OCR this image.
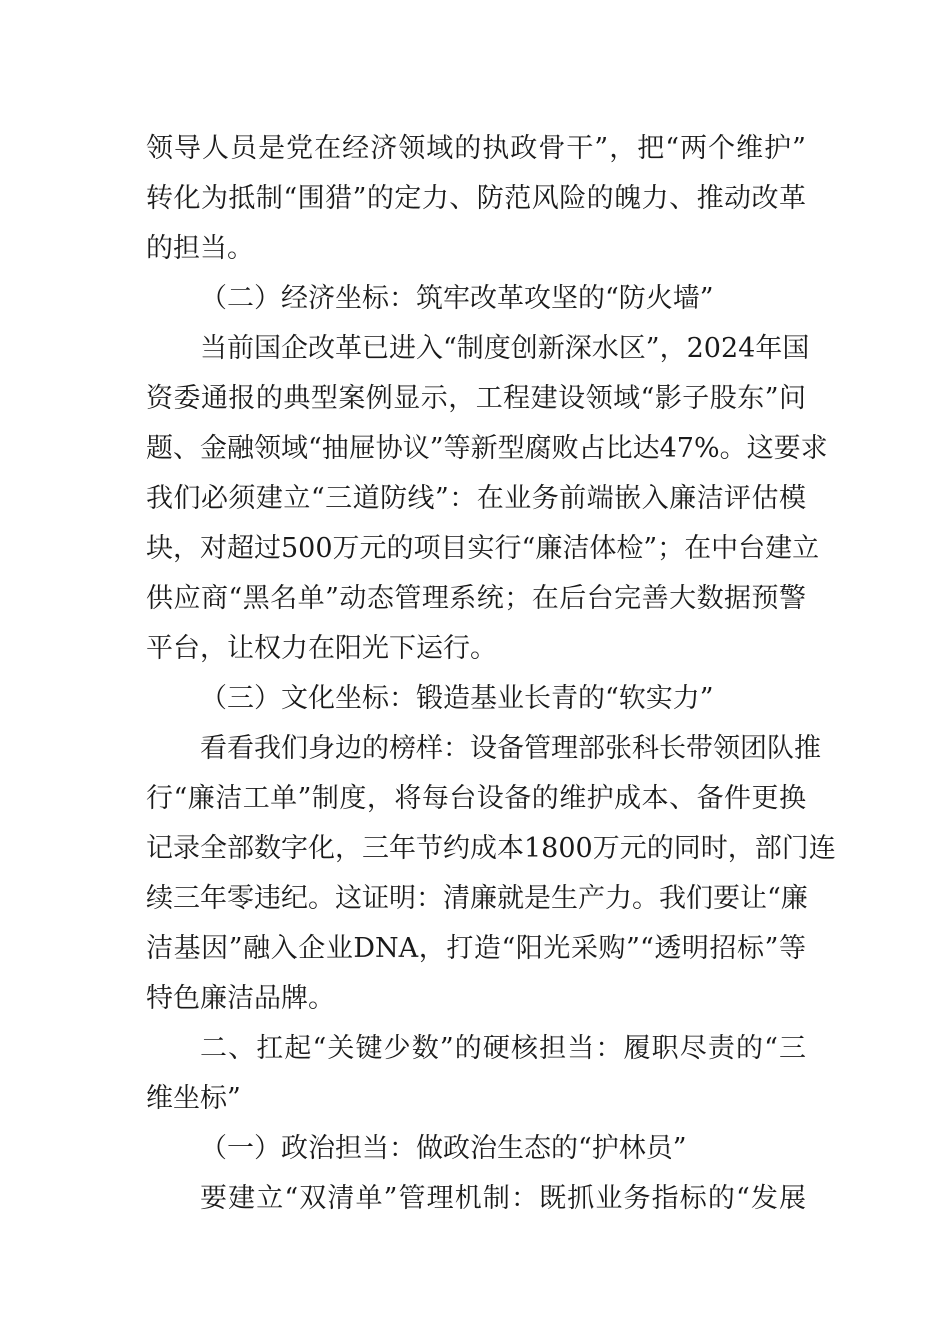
领导人员是党在经济领域的执政骨干”，把“两个维护”
转化为抵制“围猎”的定力、防范风险的魄力、推动改革
的担当。
（二）经济坐标：筑牢改革攻坚的“防火墙”
当前国企改革已进入“制度创新深水区”，2024年国
资委通报的典型案例显示，工程建设领域“影子股东”问
题、金融领域“抽屉协议”等新型腐败占比达47%。这要求
我们必须建立“三道防线”：在业务前端嵌入廉洁评估模
块，对超过500万元的项目实行“廉洁体检”；在中台建立
供应商“黑名单”动态管理系统；在后台完善大数据预警
平台，让权力在阳光下运行。
（三）文化坐标：锻造基业长青的“软实力”
看看我们身边的榜样：设备管理部张科长带领团队推
行“廉洁工单”制度，将每台设备的维护成本、备件更换
记录全部数字化，三年节约成本1800万元的同时，部门连
续三年零违纪。这证明：清廉就是生产力。我们要让“廉
洁基因”融入企业DNA，打造“阳光采购”“透明招标”等
特色廉洁品牌。
二、扛起“关键少数”的硬核担当：履职尽责的“三
维坐标”
（一）政治担当：做政治生态的“护林员”
要建立“双清单”管理机制：既抓业务指标的“发展
